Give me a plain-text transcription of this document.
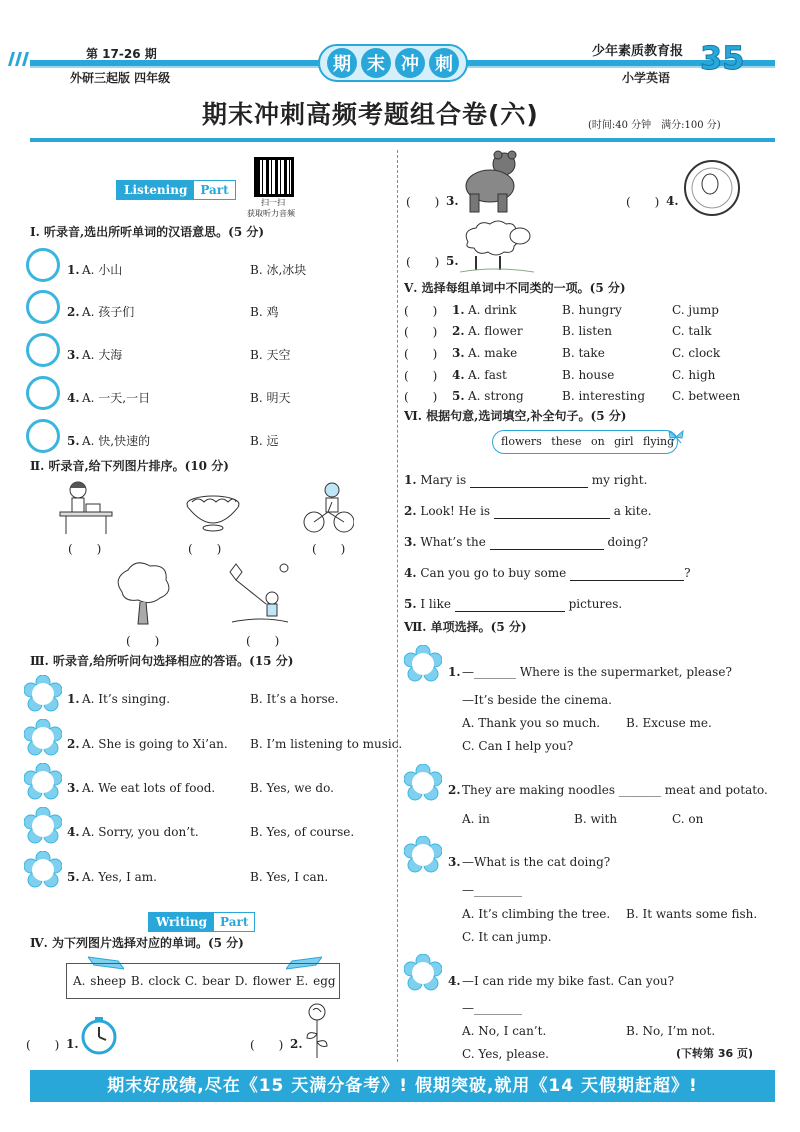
第 17-26 期
外研三起版 四年级
期 末 冲 刺
少年素质教育报
小学英语
35
期末冲刺高频考题组合卷(六)	(时间:40 分钟　满分:100 分)
Listening	Part
扫一扫
获取听力音频
Ⅰ. 听录音,选出所听单词的汉语意思。(5 分)
1. A. 小山	B. 冰,冰块
2. A. 孩子们	B. 鸡
3. A. 大海	B. 天空
4. A. 一天,一日	B. 明天
5. A. 快,快速的	B. 远
Ⅱ. 听录音,给下列图片排序。(10 分)
(　　)	(　　)	(　　)
(　　)	(　　)
Ⅲ. 听录音,给所听问句选择相应的答语。(15 分)
1. A. It’s singing.	B. It’s a horse.
2. A. She is going to Xi’an. B. I’m listening to music.
3. A. We eat lots of food.	B. Yes, we do.
4. A. Sorry, you don’t.	B. Yes, of course.
5. A. Yes, I am.	B. Yes, I can.
Writing	Part
Ⅳ. 为下列图片选择对应的单词。(5 分)
A. sheep B. clock C. bear D. flower E. egg
(　　) 1.	(　　) 2.
(　　) 3.	(　　) 4.
(　　) 5.
Ⅴ. 选择每组单词中不同类的一项。(5 分)
(　　) 1. A. drink	B. hungry	C. jump
(　　) 2. A. flower	B. listen	C. talk
(　　) 3. A. make	B. take	C. clock
(　　) 4. A. fast	B. house	C. high
(　　) 5. A. strong	B. interesting C. between
Ⅵ. 根据句意,选词填空,补全句子。(5 分)
flowers these on girl flying
1. Mary is	my right.
2. Look! He is	a kite.
3. What’s the	doing?
4. Can you go to buy some	?
5. I like	pictures.
Ⅶ. 单项选择。(5 分)
1. —_______ Where is the supermarket, please?
—It’s beside the cinema.
A. Thank you so much. B. Excuse me.
C. Can I help you?
2. They are making noodles _______ meat and potato.
A. in	B. with	C. on
3. —What is the cat doing?
—________
A. It’s climbing the tree. B. It wants some fish.
C. It can jump.
4. —I can ride my bike fast. Can you?
—________
A. No, I can’t.	B. No, I’m not.
C. Yes, please.	(下转第 36 页)
期末好成绩,尽在《15 天满分备考》! 假期突破,就用《14 天假期赶超》!
